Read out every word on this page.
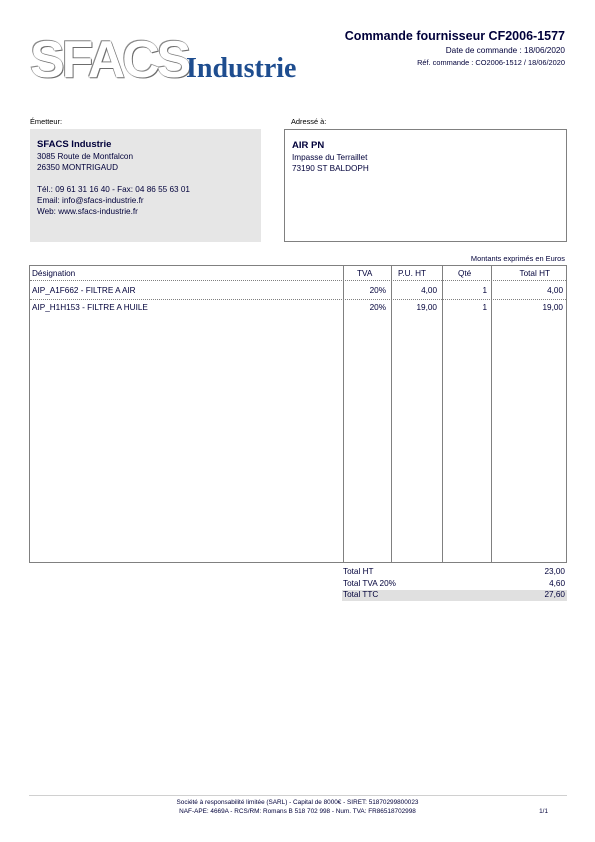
SFACS
Industrie
Commande fournisseur CF2006-1577
Date de commande : 18/06/2020
Réf. commande : CO2006-1512 / 18/06/2020
Émetteur:
SFACS Industrie
3085 Route de Montfalcon
26350 MONTRIGAUD
Tél.: 09 61 31 16 40 - Fax: 04 86 55 63 01
Email: info@sfacs-industrie.fr
Web: www.sfacs-industrie.fr
Adressé à:
AIR PN
Impasse du Terraillet
73190 ST BALDOPH
Montants exprimés en Euros
Désignation	TVA	P.U. HT	Qté	Total HT
AIP_A1F662 - FILTRE A AIR	20%	4,00	1	4,00
AIP_H1H153 - FILTRE A HUILE	20%	19,00	1	19,00
Total HT	23,00
Total TVA 20%	4,60
Total TTC	27,60
Société à responsabilité limitée (SARL) - Capital de 8000€ - SIRET: 51870299800023
NAF-APE: 4669A - RCS/RM: Romans B 518 702 998 - Num. TVA: FR86518702998	1/1
